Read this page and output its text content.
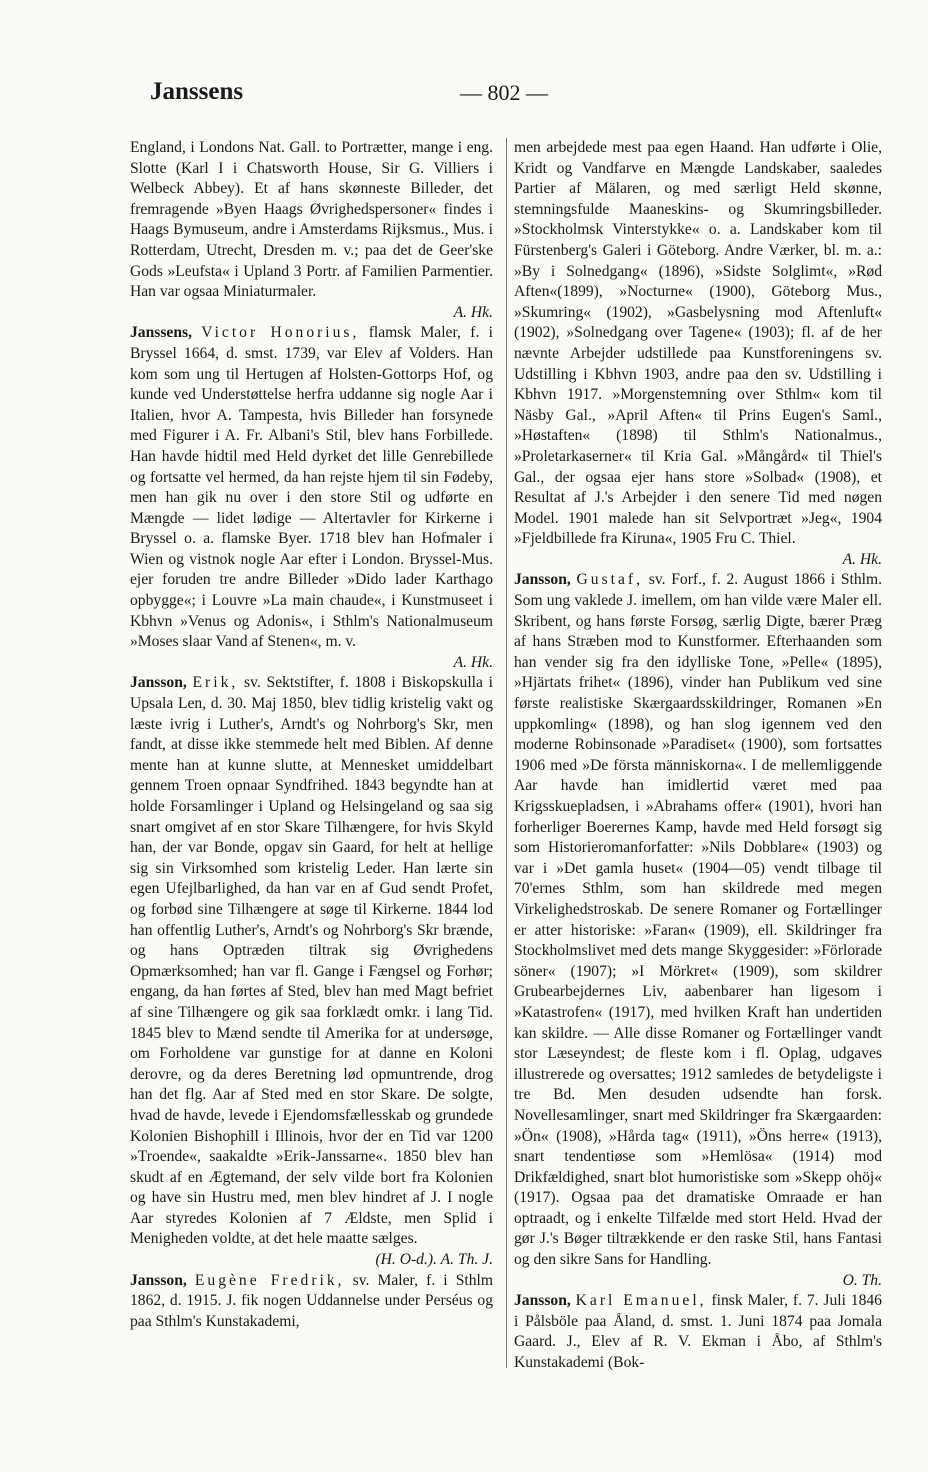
Janssens	— 802 —

England, i Londons Nat. Gall. to Portrætter, mange i eng. Slotte (Karl I i Chatsworth House, Sir G. Villiers i Welbeck Abbey). Et af hans skønneste Billeder, det fremragende »Byen Haags Øvrighedspersoner« findes i Haags Bymuseum, andre i Amsterdams Rijksmus., Mus. i Rotterdam, Utrecht, Dresden m. v.; paa det de Geer'ske Gods »Leufsta« i Upland 3 Portr. af Familien Parmentier. Han var ogsaa Miniaturmaler.
A. Hk.

Janssens, Victor Honorius, flamsk Maler, f. i Bryssel 1664, d. smst. 1739, var Elev af Volders. Han kom som ung til Hertugen af Holsten-Gottorps Hof, og kunde ved Understøttelse herfra uddanne sig nogle Aar i Italien, hvor A. Tampesta, hvis Billeder han forsynede med Figurer i A. Fr. Albani's Stil, blev hans Forbillede. Han havde hidtil med Held dyrket det lille Genrebillede og fortsatte vel hermed, da han rejste hjem til sin Fødeby, men han gik nu over i den store Stil og udførte en Mængde — lidet lødige — Altertavler for Kirkerne i Bryssel o. a. flamske Byer. 1718 blev han Hofmaler i Wien og vistnok nogle Aar efter i London. Bryssel-Mus. ejer foruden tre andre Billeder »Dido lader Karthago opbygge«; i Louvre »La main chaude«, i Kunstmuseet i Kbhvn »Venus og Adonis«, i Sthlm's Nationalmuseum »Moses slaar Vand af Stenen«, m. v.
A. Hk.

Jansson, Erik, sv. Sektstifter, f. 1808 i Biskopskulla i Upsala Len, d. 30. Maj 1850, blev tidlig kristelig vakt og læste ivrig i Luther's, Arndt's og Nohrborg's Skr, men fandt, at disse ikke stemmede helt med Biblen. Af denne mente han at kunne slutte, at Mennesket umiddelbart gennem Troen opnaar Syndfrihed. 1843 begyndte han at holde Forsamlinger i Upland og Helsingeland og saa sig snart omgivet af en stor Skare Tilhængere, for hvis Skyld han, der var Bonde, opgav sin Gaard, for helt at hellige sig sin Virksomhed som kristelig Leder. Han lærte sin egen Ufejlbarlighed, da han var en af Gud sendt Profet, og forbød sine Tilhængere at søge til Kirkerne. 1844 lod han offentlig Luther's, Arndt's og Nohrborg's Skr brænde, og hans Optræden tiltrak sig Øvrighedens Opmærksomhed; han var fl. Gange i Fængsel og Forhør; engang, da han førtes af Sted, blev han med Magt befriet af sine Tilhængere og gik saa forklædt omkr. i lang Tid. 1845 blev to Mænd sendte til Amerika for at undersøge, om Forholdene var gunstige for at danne en Koloni derovre, og da deres Beretning lød opmuntrende, drog han det flg. Aar af Sted med en stor Skare. De solgte, hvad de havde, levede i Ejendomsfællesskab og grundede Kolonien Bishophill i Illinois, hvor der en Tid var 1200 »Troende«, saakaldte »Erik-Janssarne«. 1850 blev han skudt af en Ægtemand, der selv vilde bort fra Kolonien og have sin Hustru med, men blev hindret af J. I nogle Aar styredes Kolonien af 7 Ældste, men Splid i Menigheden voldte, at det hele maatte sælges.
(H. O-d.). A. Th. J.

Jansson, Eugène Fredrik, sv. Maler, f. i Sthlm 1862, d. 1915. J. fik nogen Uddannelse under Perséus og paa Sthlm's Kunstakademi,

men arbejdede mest paa egen Haand. Han udførte i Olie, Kridt og Vandfarve en Mængde Landskaber, saaledes Partier af Mälaren, og med særligt Held skønne, stemningsfulde Maaneskins- og Skumringsbilleder. »Stockholmsk Vinterstykke« o. a. Landskaber kom til Fürstenberg's Galeri i Göteborg. Andre Værker, bl. m. a.: »By i Solnedgang« (1896), »Sidste Solglimt«, »Rød Aften«(1899), »Nocturne« (1900), Göteborg Mus., »Skumring« (1902), »Gasbelysning mod Aftenluft« (1902), »Solnedgang over Tagene« (1903); fl. af de her nævnte Arbejder udstillede paa Kunstforeningens sv. Udstilling i Kbhvn 1903, andre paa den sv. Udstilling i Kbhvn 1917. »Morgenstemning over Sthlm« kom til Näsby Gal., »April Aften« til Prins Eugen's Saml., »Høstaften« (1898) til Sthlm's Nationalmus., »Proletarkaserner« til Kria Gal. »Mångård« til Thiel's Gal., der ogsaa ejer hans store »Solbad« (1908), et Resultat af J.'s Arbejder i den senere Tid med nøgen Model. 1901 malede han sit Selvportræt »Jeg«, 1904 »Fjeldbillede fra Kiruna«, 1905 Fru C. Thiel.
A. Hk.

Jansson, Gustaf, sv. Forf., f. 2. August 1866 i Sthlm. Som ung vaklede J. imellem, om han vilde være Maler ell. Skribent, og hans første Forsøg, særlig Digte, bærer Præg af hans Stræben mod to Kunstformer. Efterhaanden som han vender sig fra den idylliske Tone, »Pelle« (1895), »Hjärtats frihet« (1896), vinder han Publikum ved sine første realistiske Skærgaardsskildringer, Romanen »En uppkomling« (1898), og han slog igennem ved den moderne Robinsonade »Paradiset« (1900), som fortsattes 1906 med »De första människorna«. I de mellemliggende Aar havde han imidlertid været med paa Krigsskuepladsen, i »Abrahams offer« (1901), hvori han forherliger Boerernes Kamp, havde med Held forsøgt sig som Historieromanforfatter: »Nils Dobblare« (1903) og var i »Det gamla huset« (1904—05) vendt tilbage til 70'ernes Sthlm, som han skildrede med megen Virkelighedstroskab. De senere Romaner og Fortællinger er atter historiske: »Faran« (1909), ell. Skildringer fra Stockholmslivet med dets mange Skyggesider: »Förlorade söner« (1907); »I Mörkret« (1909), som skildrer Grubearbejdernes Liv, aabenbarer han ligesom i »Katastrofen« (1917), med hvilken Kraft han undertiden kan skildre. — Alle disse Romaner og Fortællinger vandt stor Læseyndest; de fleste kom i fl. Oplag, udgaves illustrerede og oversattes; 1912 samledes de betydeligste i tre Bd. Men desuden udsendte han forsk. Novellesamlinger, snart med Skildringer fra Skærgaarden: »Ön« (1908), »Hårda tag« (1911), »Öns herre« (1913), snart tendentiøse som »Hemlösa« (1914) mod Drikfældighed, snart blot humoristiske som »Skepp ohöj« (1917). Ogsaa paa det dramatiske Omraade er han optraadt, og i enkelte Tilfælde med stort Held. Hvad der gør J.'s Bøger tiltrækkende er den raske Stil, hans Fantasi og den sikre Sans for Handling.
O. Th.

Jansson, Karl Emanuel, finsk Maler, f. 7. Juli 1846 i Pålsböle paa Åland, d. smst. 1. Juni 1874 paa Jomala Gaard. J., Elev af R. V. Ekman i Åbo, af Sthlm's Kunstakademi (Bok-
